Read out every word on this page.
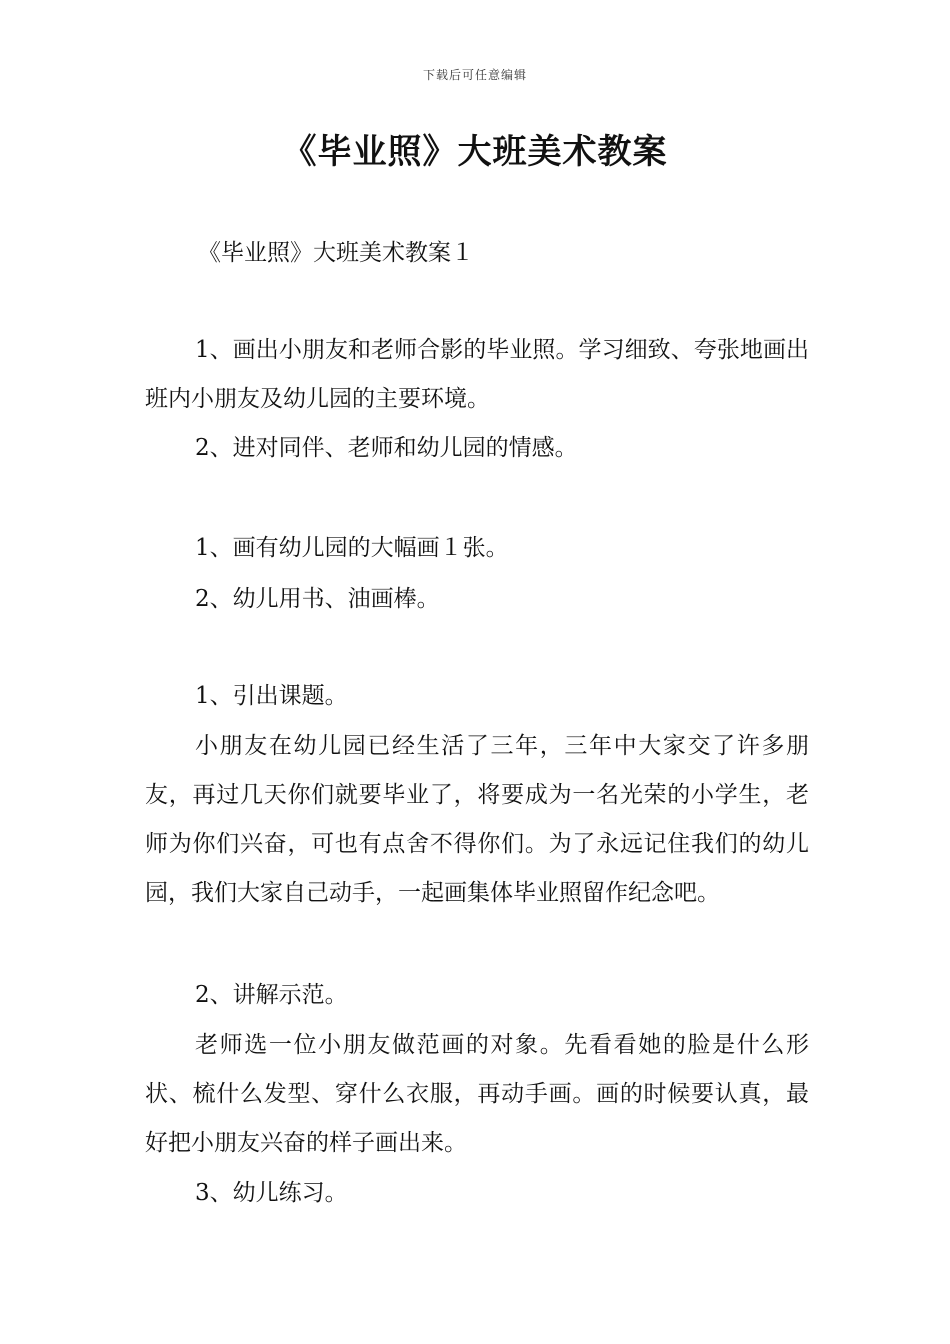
下载后可任意编辑
《毕业照》大班美术教案
《毕业照》大班美术教案１
1、画出小朋友和老师合影的毕业照。学习细致、夸张地画出班内小朋友及幼儿园的主要环境。
2、进对同伴、老师和幼儿园的情感。
1、画有幼儿园的大幅画１张。
2、幼儿用书、油画棒。
1、引出课题。
小朋友在幼儿园已经生活了三年，三年中大家交了许多朋友，再过几天你们就要毕业了，将要成为一名光荣的小学生，老师为你们兴奋，可也有点舍不得你们。为了永远记住我们的幼儿园，我们大家自己动手，一起画集体毕业照留作纪念吧。
2、讲解示范。
老师选一位小朋友做范画的对象。先看看她的脸是什么形状、梳什么发型、穿什么衣服，再动手画。画的时候要认真，最好把小朋友兴奋的样子画出来。
3、幼儿练习。
